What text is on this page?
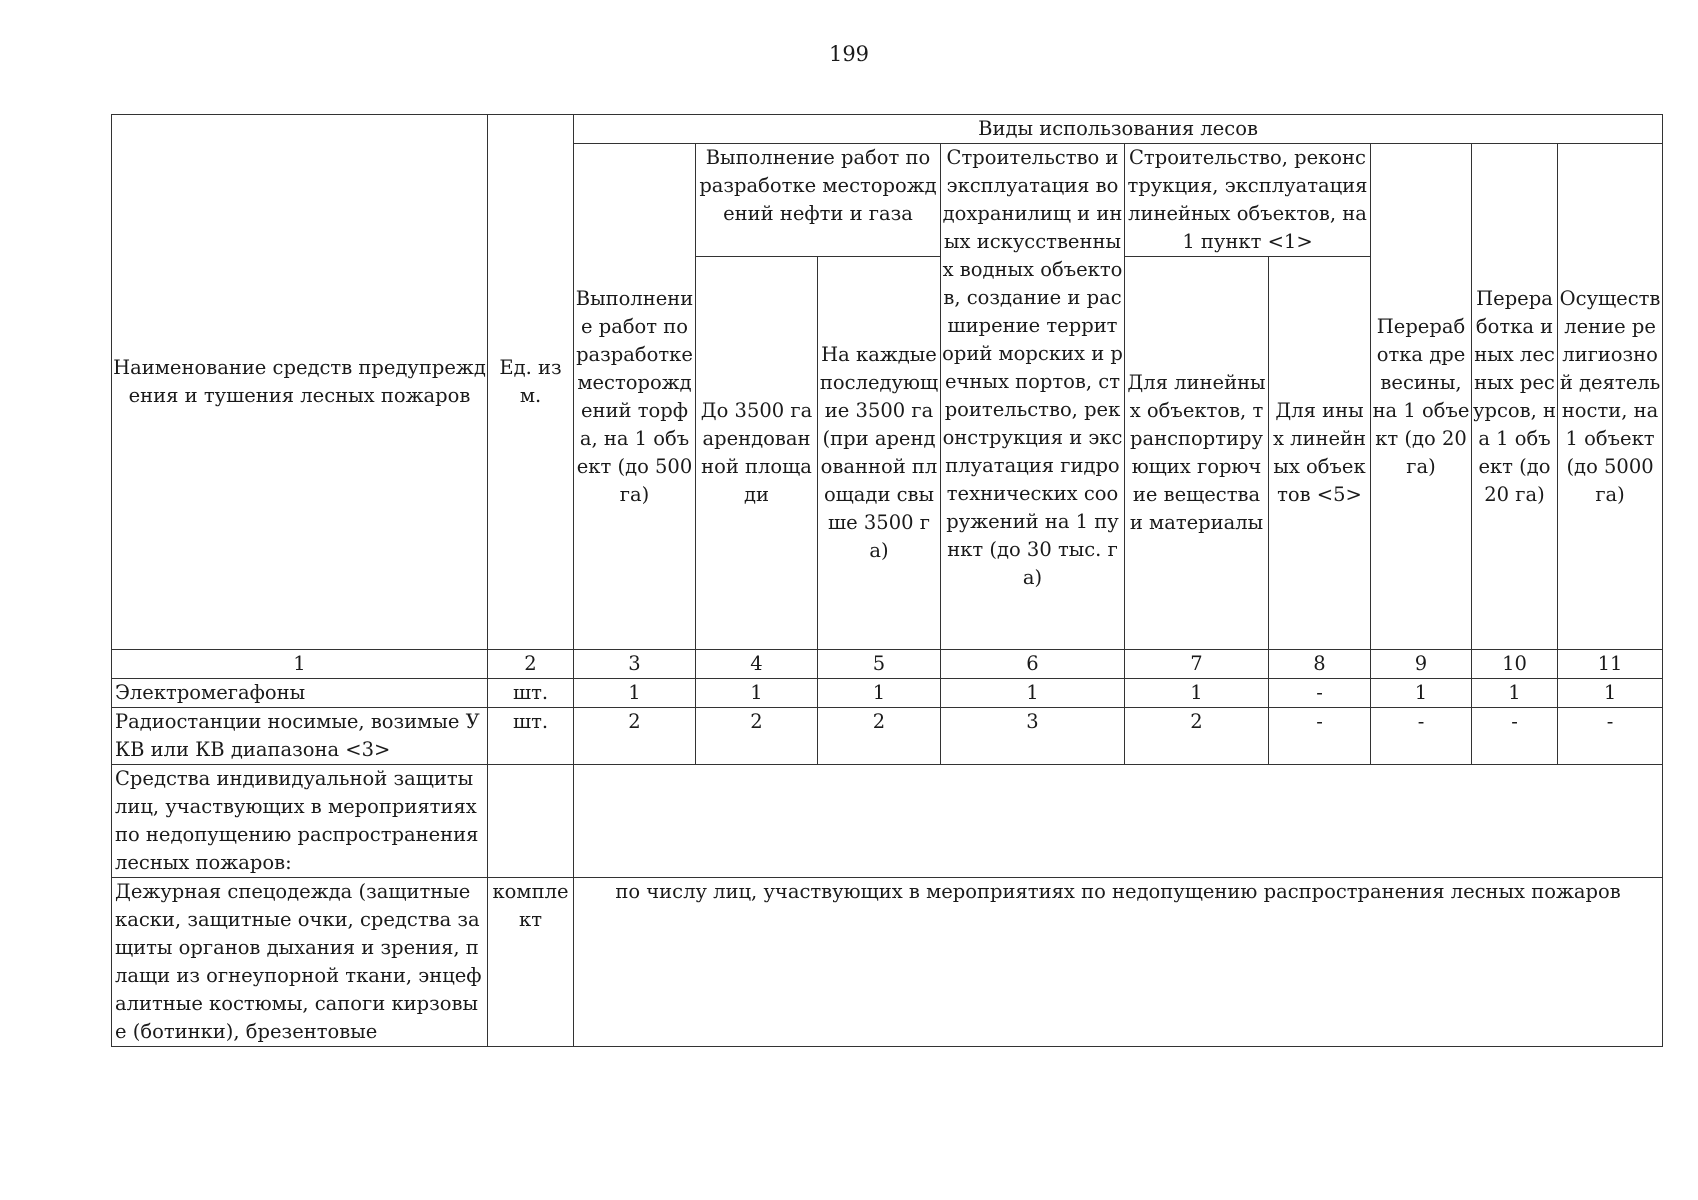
199
Наименование средств предупреждения и тушения лесных пожаров	Ед. изм.	Виды использования лесов								
		Выполнение работ по разработке месторождений торфа, на 1 объект (до 500 га)	Выполнение работ по разработке месторождений нефти и газа		Строительство и эксплуатация водохранилищ и иных искусственных водных объектов, создание и расширение территорий морских и речных портов, строительство, реконструкция и эксплуатация гидротехнических сооружений на 1 пункт (до 30 тыс. га)	Строительство, реконструкция, эксплуатация линейных объектов, на 1 пункт <1>		Переработка древесины, на 1 объект (до 20 га)	Переработка иных лесных ресурсов, на 1 объект (до 20 га)	Осуществление религиозной деятельности, на 1 объект (до 5000 га)
			До 3500 га арендованной площади	На каждые последующие 3500 га (при арендованной площади свыше 3500 га)		Для линейных объектов, транспортирующих горючие вещества и материалы	Для иных линейных объектов <5>			
1	2	3	4	5	6	7	8	9	10	11
Электромегафоны	шт.	1	1	1	1	1	-	1	1	1
Радиостанции носимые, возимые УКВ или КВ диапазона <3>	шт.	2	2	2	3	2	-	-	-	-
Средства индивидуальной защиты лиц, участвующих в мероприятиях по недопущению распространения лесных пожаров:										
Дежурная спецодежда (защитные каски, защитные очки, средства защиты органов дыхания и зрения, плащи из огнеупорной ткани, энцефалитные костюмы, сапоги кирзовые (ботинки), брезентовые	комплект	по числу лиц, участвующих в мероприятиях по недопущению распространения лесных пожаров								
